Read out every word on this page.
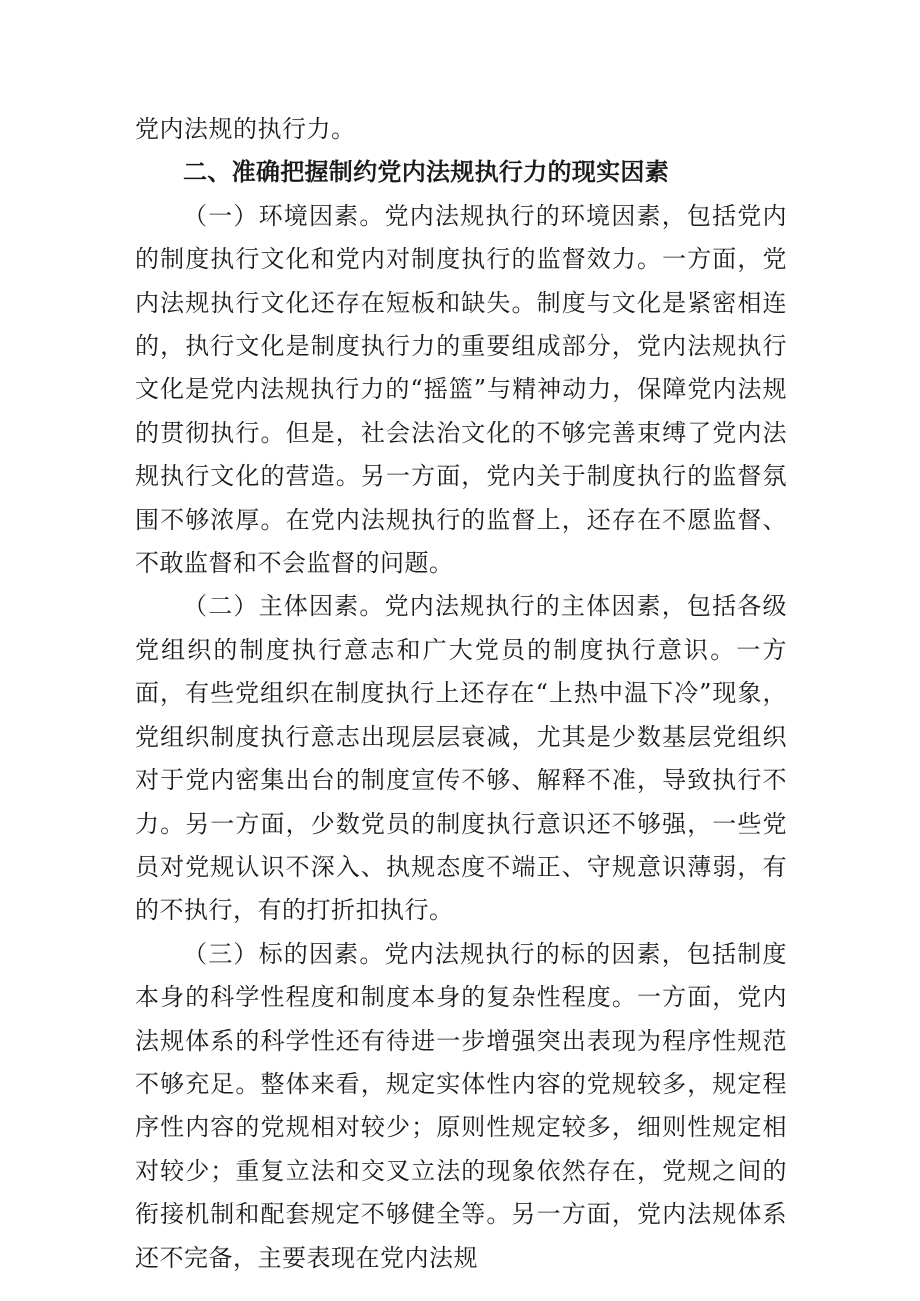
党内法规的执行力。

二、准确把握制约党内法规执行力的现实因素

（一）环境因素。党内法规执行的环境因素，包括党内的制度执行文化和党内对制度执行的监督效力。一方面，党内法规执行文化还存在短板和缺失。制度与文化是紧密相连的，执行文化是制度执行力的重要组成部分，党内法规执行文化是党内法规执行力的“摇篮”与精神动力，保障党内法规的贯彻执行。但是，社会法治文化的不够完善束缚了党内法规执行文化的营造。另一方面，党内关于制度执行的监督氛围不够浓厚。在党内法规执行的监督上，还存在不愿监督、不敢监督和不会监督的问题。

（二）主体因素。党内法规执行的主体因素，包括各级党组织的制度执行意志和广大党员的制度执行意识。一方面，有些党组织在制度执行上还存在“上热中温下冷”现象，党组织制度执行意志出现层层衰减，尤其是少数基层党组织对于党内密集出台的制度宣传不够、解释不准，导致执行不力。另一方面，少数党员的制度执行意识还不够强，一些党员对党规认识不深入、执规态度不端正、守规意识薄弱，有的不执行，有的打折扣执行。

（三）标的因素。党内法规执行的标的因素，包括制度本身的科学性程度和制度本身的复杂性程度。一方面，党内法规体系的科学性还有待进一步增强突出表现为程序性规范不够充足。整体来看，规定实体性内容的党规较多，规定程序性内容的党规相对较少；原则性规定较多，细则性规定相对较少；重复立法和交叉立法的现象依然存在，党规之间的衔接机制和配套规定不够健全等。另一方面，党内法规体系还不完备，主要表现在党内法规
